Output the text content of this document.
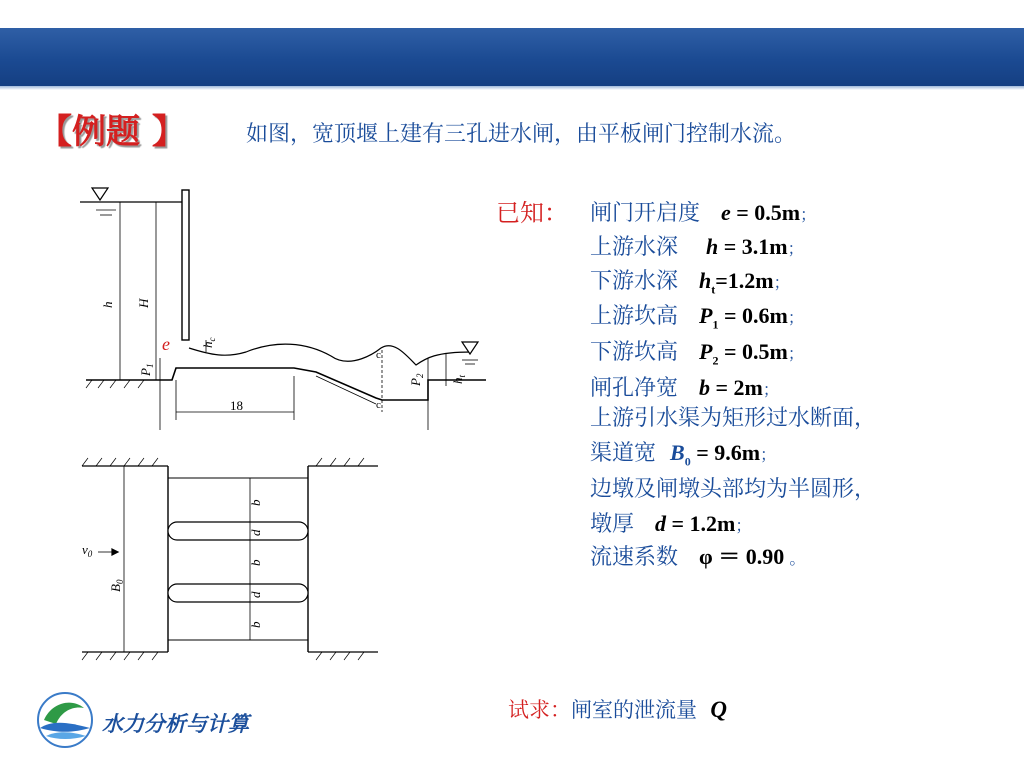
【例题 】	如图，宽顶堰上建有三孔进水闸，由平板闸门控制水流。
h H
e $h_c$
$P_1$
$P_2$
$h_t$
c
c
18
$v_0$
$B_0$
b
d
b
d
b
已知： 闸门开启度 e = 0.5m；
上游水深 h = 3.1m；
下游水深 $h_t=1.2m$；
上游坎高 $P_1 = 0.6m$；
下游坎高 $P_2 = 0.5m$；
闸孔净宽 b = 2m；
上游引水渠为矩形过水断面，
渠道宽 $B_0 = 9.6m$；
边墩及闸墩头部均为半圆形，
墩厚 d = 1.2m；
流速系数 φ ＝ 0.90 。
试求：闸室的泄流量 Q
水力分析与计算
